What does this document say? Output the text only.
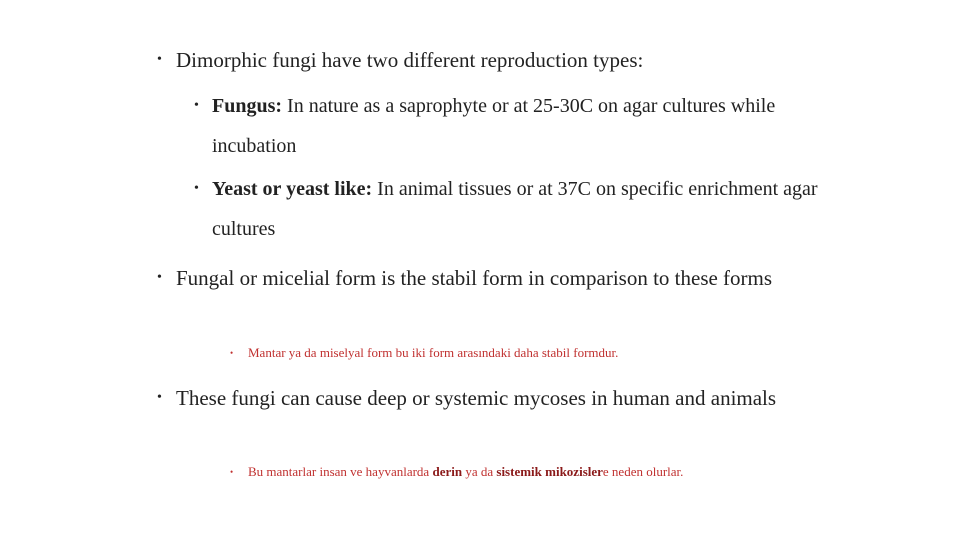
• Dimorphic fungi have two different reproduction types:

• Fungus: In nature as a saprophyte or at 25-30C on agar cultures while incubation

• Yeast or yeast like: In animal tissues or at 37C on specific enrichment agar cultures

• Fungal or micelial form is the stabil form in comparison to these forms

• Mantar ya da miselyal form bu iki form arasındaki daha stabil formdur.

• These fungi can cause deep or systemic mycoses in human and animals

• Bu mantarlar insan ve hayvanlarda derin ya da sistemik mikozislere neden olurlar.
